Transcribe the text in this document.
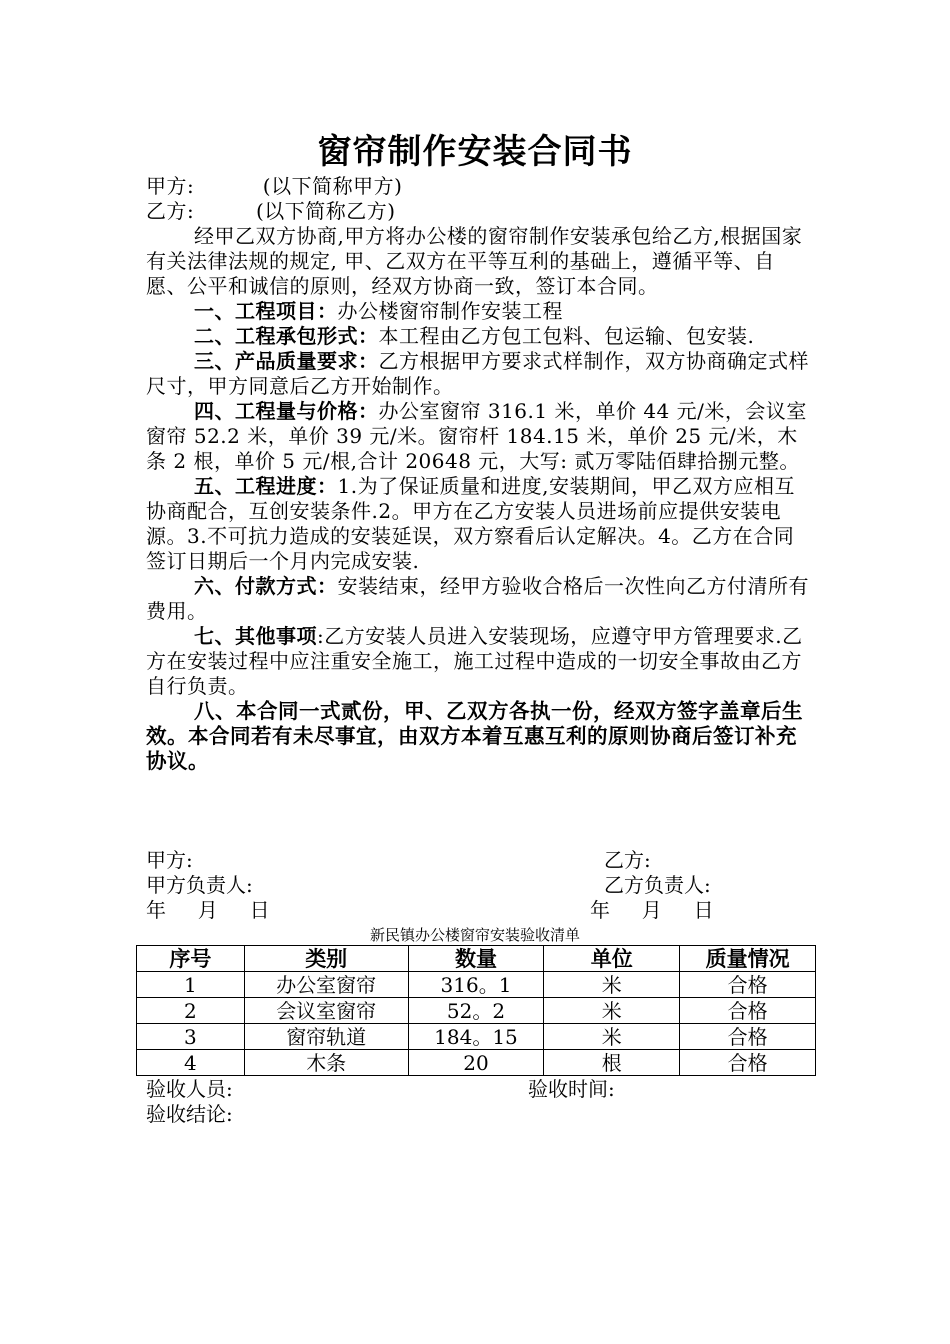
窗帘制作安装合同书

甲方:          (以下简称甲方)

乙方:         (以下简称乙方)

经甲乙双方协商,甲方将办公楼的窗帘制作安装承包给乙方,根据国家有关法律法规的规定, 甲、乙双方在平等互利的基础上，遵循平等、自愿、公平和诚信的原则，经双方协商一致，签订本合同。

一、工程项目：办公楼窗帘制作安装工程

二、工程承包形式：本工程由乙方包工包料、包运输、包安装.

三、产品质量要求：乙方根据甲方要求式样制作，双方协商确定式样尺寸，甲方同意后乙方开始制作。

四、工程量与价格：办公室窗帘 316.1 米，单价 44 元/米，会议室窗帘 52.2 米，单价 39 元/米。窗帘杆 184.15 米，单价 25 元/米，木条 2 根，单价 5 元/根,合计 20648 元，大写: 贰万零陆佰肆拾捌元整。

五、工程进度：1.为了保证质量和进度,安装期间，甲乙双方应相互协商配合，互创安装条件.2。甲方在乙方安装人员进场前应提供安装电源。3.不可抗力造成的安装延误，双方察看后认定解决。4。乙方在合同签订日期后一个月内完成安装.

六、付款方式：安装结束，经甲方验收合格后一次性向乙方付清所有费用。

七、其他事项:乙方安装人员进入安装现场，应遵守甲方管理要求.乙方在安装过程中应注重安全施工，施工过程中造成的一切安全事故由乙方自行负责。

八、本合同一式贰份，甲、乙双方各执一份，经双方签字盖章后生效。本合同若有未尽事宜，由双方本着互惠互利的原则协商后签订补充协议。

甲方:	乙方:
甲方负责人:	乙方负责人:
年     月     日	年     月     日
新民镇办公楼窗帘安装验收清单
序号	类别	数量	单位	质量情况
1	办公室窗帘	316。1	米	合格
2	会议室窗帘	52。2	米	合格
3	窗帘轨道	184。15	米	合格
4	木条	20	根	合格
验收人员:	验收时间:
验收结论:
